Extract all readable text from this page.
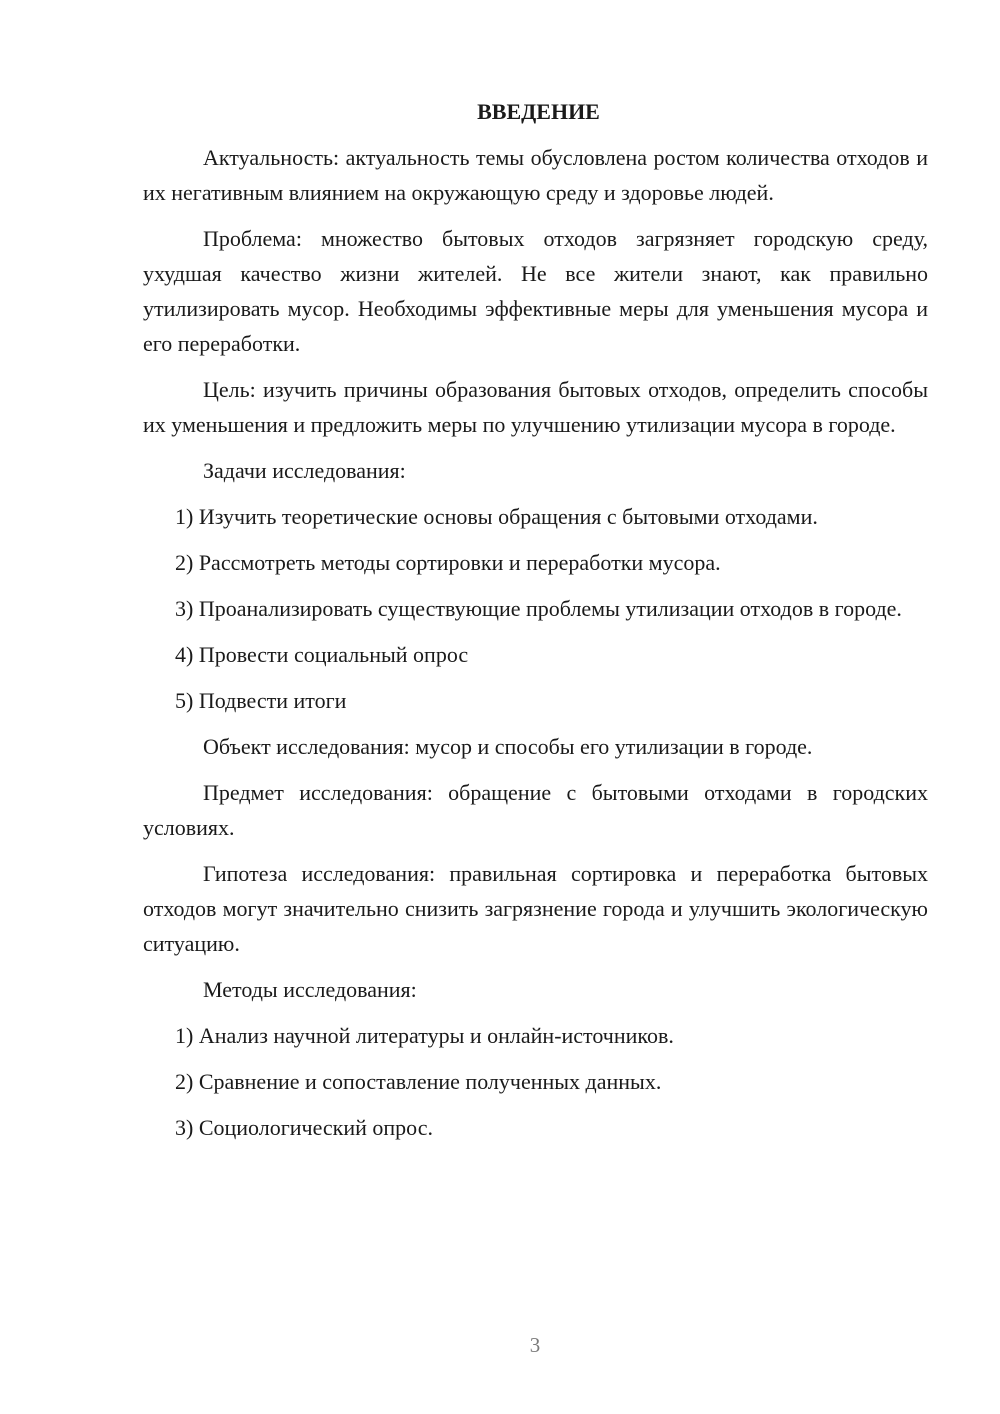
ВВЕДЕНИЕ

Актуальность: актуальность темы обусловлена ростом количества отходов и их негативным влиянием на окружающую среду и здоровье людей.

Проблема: множество бытовых отходов загрязняет городскую среду, ухудшая качество жизни жителей. Не все жители знают, как правильно утилизировать мусор. Необходимы эффективные меры для уменьшения мусора и его переработки.

Цель: изучить причины образования бытовых отходов, определить способы их уменьшения и предложить меры по улучшению утилизации мусора в городе.

Задачи исследования:

1) Изучить теоретические основы обращения с бытовыми отходами.

2) Рассмотреть методы сортировки и переработки мусора.

3) Проанализировать существующие проблемы утилизации отходов в городе.

4) Провести социальный опрос

5) Подвести итоги

Объект исследования: мусор и способы его утилизации в городе.

Предмет исследования: обращение с бытовыми отходами в городских условиях.

Гипотеза исследования: правильная сортировка и переработка бытовых отходов могут значительно снизить загрязнение города и улучшить экологическую ситуацию.

Методы исследования:

1) Анализ научной литературы и онлайн-источников.

2) Сравнение и сопоставление полученных данных.

3) Социологический опрос.

3
